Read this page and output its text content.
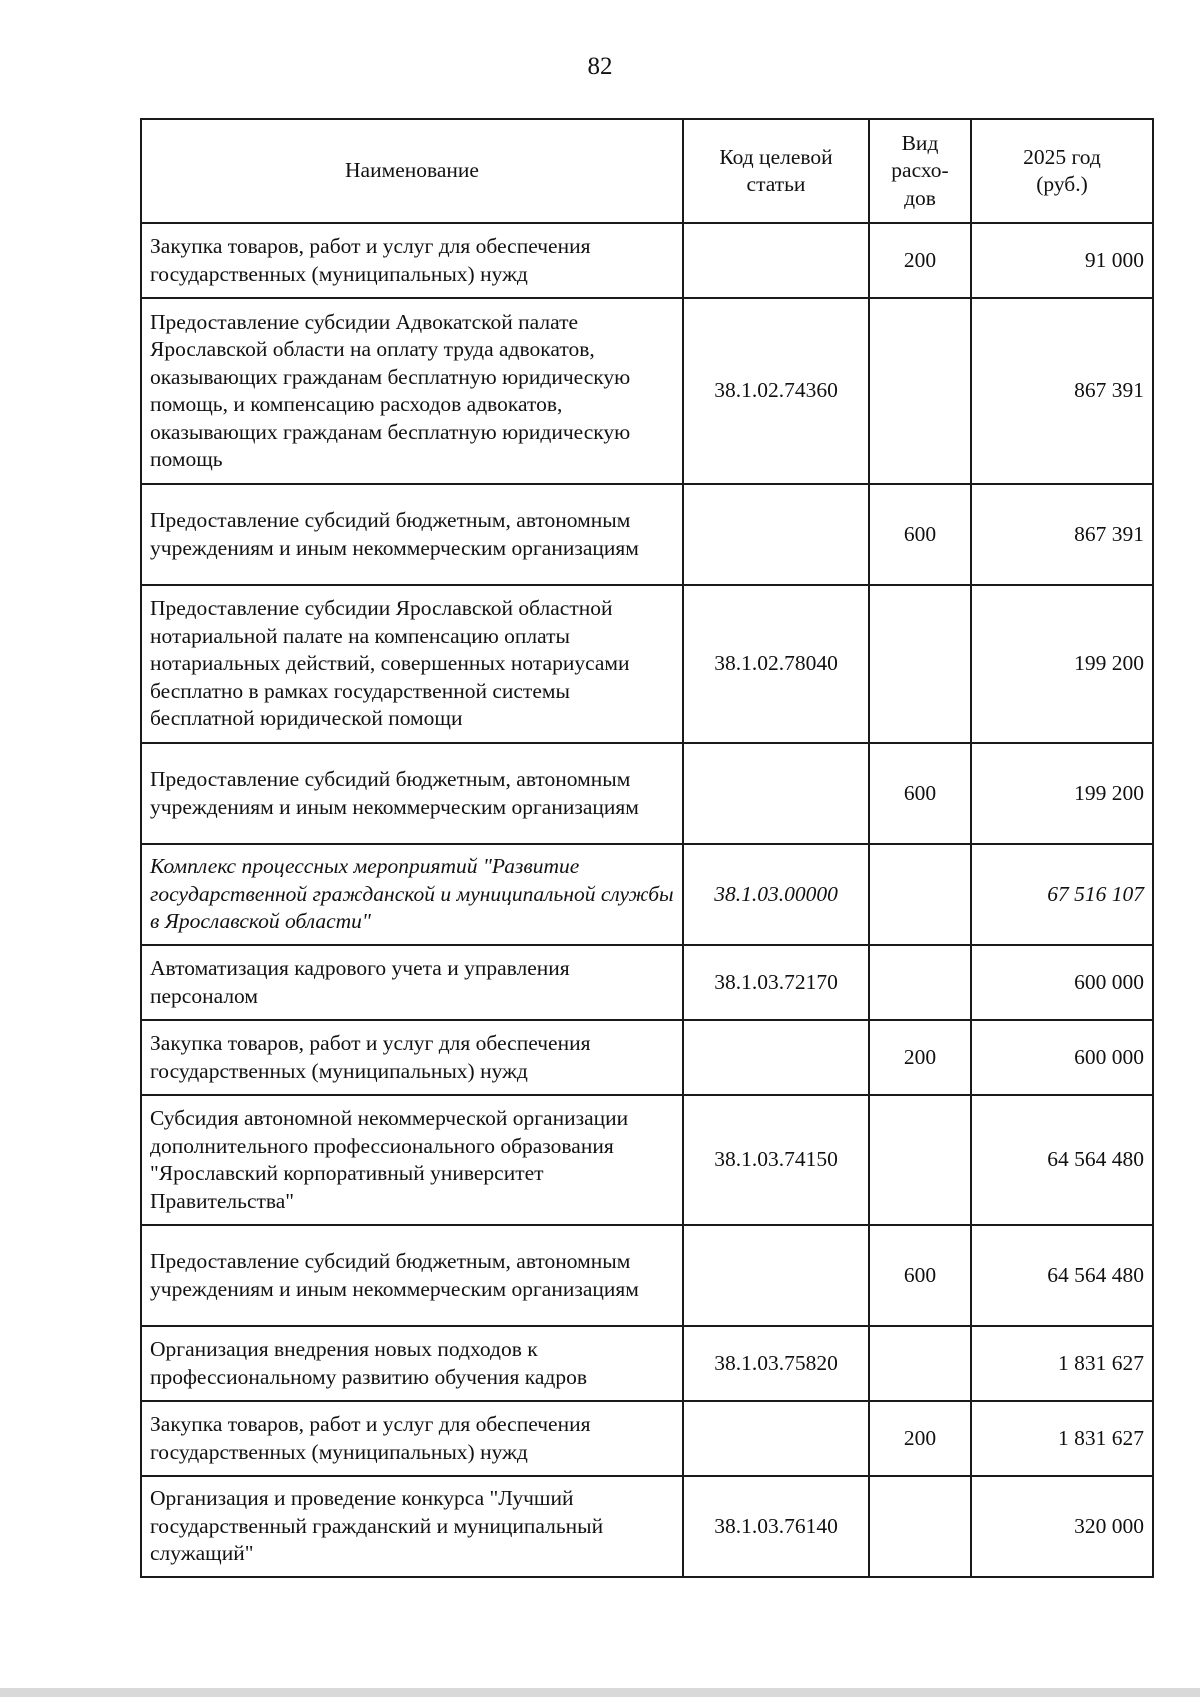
82
Наименование	Код целевой статьи	Вид расхо-дов	2025 год (руб.)
Закупка товаров, работ и услуг для обеспечения государственных (муниципальных) нужд		200	91 000
Предоставление субсидии Адвокатской палате Ярославской области на оплату труда адвокатов, оказывающих гражданам бесплатную юридическую помощь, и компенсацию расходов адвокатов, оказывающих гражданам бесплатную юридическую помощь	38.1.02.74360		867 391
Предоставление субсидий бюджетным, автономным учреждениям и иным некоммерческим организациям		600	867 391
Предоставление субсидии Ярославской областной нотариальной палате на компенсацию оплаты нотариальных действий, совершенных нотариусами бесплатно в рамках государственной системы бесплатной юридической помощи	38.1.02.78040		199 200
Предоставление субсидий бюджетным, автономным учреждениям и иным некоммерческим организациям		600	199 200
Комплекс процессных мероприятий "Развитие государственной гражданской и муниципальной службы в Ярославской области"	38.1.03.00000		67 516 107
Автоматизация кадрового учета и управления персоналом	38.1.03.72170		600 000
Закупка товаров, работ и услуг для обеспечения государственных (муниципальных) нужд		200	600 000
Субсидия автономной некоммерческой организации дополнительного профессионального образования "Ярославский корпоративный университет Правительства"	38.1.03.74150		64 564 480
Предоставление субсидий бюджетным, автономным учреждениям и иным некоммерческим организациям		600	64 564 480
Организация внедрения новых подходов к профессиональному развитию обучения кадров	38.1.03.75820		1 831 627
Закупка товаров, работ и услуг для обеспечения государственных (муниципальных) нужд		200	1 831 627
Организация и проведение конкурса "Лучший государственный гражданский и муниципальный служащий"	38.1.03.76140		320 000
